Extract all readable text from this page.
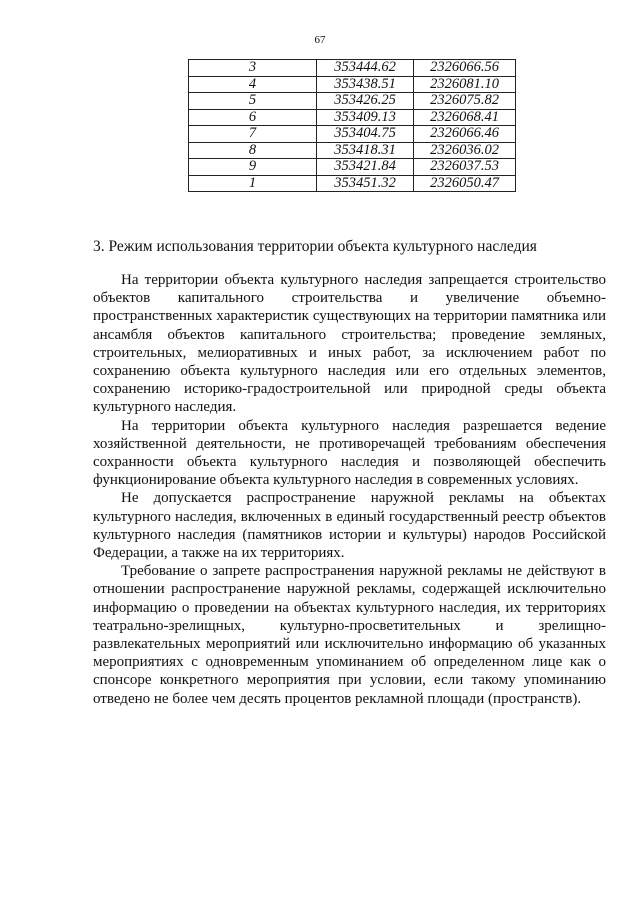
67
3	353444.62	2326066.56
4	353438.51	2326081.10
5	353426.25	2326075.82
6	353409.13	2326068.41
7	353404.75	2326066.46
8	353418.31	2326036.02
9	353421.84	2326037.53
1	353451.32	2326050.47
3. Режим использования территории объекта культурного наследия

На территории объекта культурного наследия запрещается строительство объектов капитального строительства и увеличение объемно-пространственных характеристик существующих на территории памятника или ансамбля объектов капитального строительства; проведение земляных, строительных, мелиоративных и иных работ, за исключением работ по сохранению объекта культурного наследия или его отдельных элементов, сохранению историко-градостроительной или природной среды объекта культурного наследия.

На территории объекта культурного наследия разрешается ведение хозяйственной деятельности, не противоречащей требованиям обеспечения сохранности объекта культурного наследия и позволяющей обеспечить функционирование объекта культурного наследия в современных условиях.

Не допускается распространение наружной рекламы на объектах культурного наследия, включенных в единый государственный реестр объектов культурного наследия (памятников истории и культуры) народов Российской Федерации, а также на их территориях.

Требование о запрете распространения наружной рекламы не действуют в отношении распространение наружной рекламы, содержащей исключительно информацию о проведении на объектах культурного наследия, их территориях театрально-зрелищных, культурно-просветительных и зрелищно-развлекательных мероприятий или исключительно информацию об указанных мероприятиях с одновременным упоминанием об определенном лице как о спонсоре конкретного мероприятия при условии, если такому упоминанию отведено не более чем десять процентов рекламной площади (пространств).
